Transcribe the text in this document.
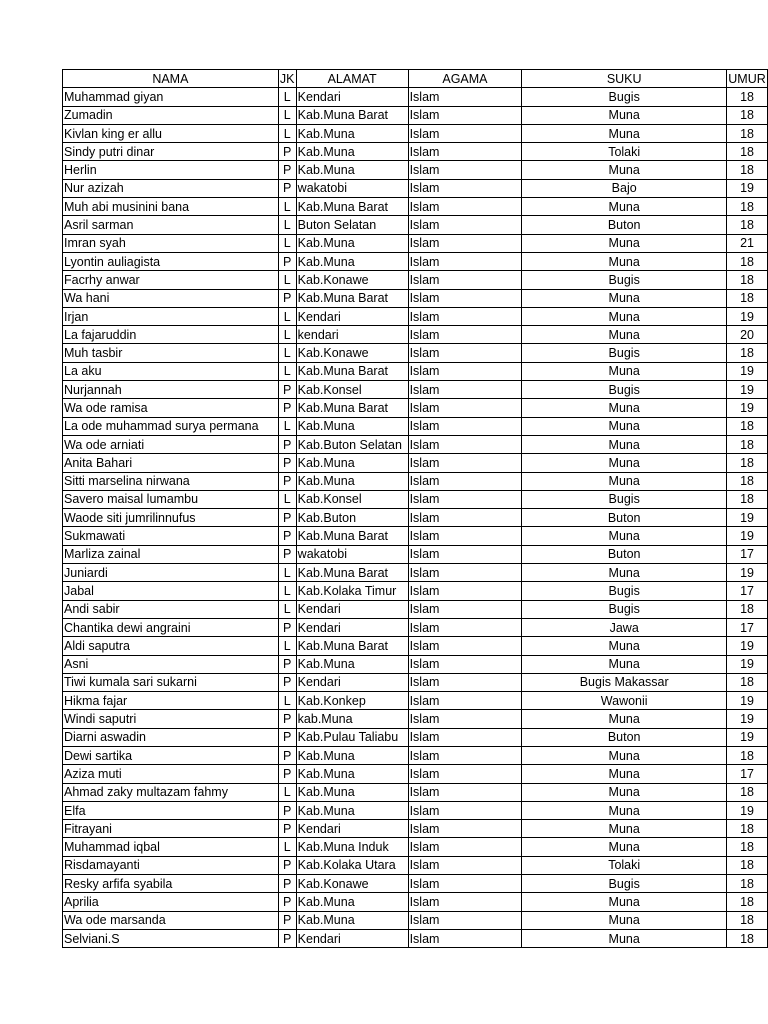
NAMA	JK	ALAMAT	AGAMA	SUKU	UMUR
Muhammad giyan	L	Kendari	Islam	Bugis	18
Zumadin	L	Kab.Muna Barat	Islam	Muna	18
Kivlan king er allu	L	Kab.Muna	Islam	Muna	18
Sindy putri dinar	P	Kab.Muna	Islam	Tolaki	18
Herlin	P	Kab.Muna	Islam	Muna	18
Nur azizah	P	wakatobi	Islam	Bajo	19
Muh abi musinini bana	L	Kab.Muna Barat	Islam	Muna	18
Asril sarman	L	Buton Selatan	Islam	Buton	18
Imran syah	L	Kab.Muna	Islam	Muna	21
Lyontin auliagista	P	Kab.Muna	Islam	Muna	18
Facrhy anwar	L	Kab.Konawe	Islam	Bugis	18
Wa hani	P	Kab.Muna Barat	Islam	Muna	18
Irjan	L	Kendari	Islam	Muna	19
La fajaruddin	L	kendari	Islam	Muna	20
Muh tasbir	L	Kab.Konawe	Islam	Bugis	18
La aku	L	Kab.Muna Barat	Islam	Muna	19
Nurjannah	P	Kab.Konsel	Islam	Bugis	19
Wa ode ramisa	P	Kab.Muna Barat	Islam	Muna	19
La ode muhammad surya permana	L	Kab.Muna	Islam	Muna	18
Wa ode arniati	P	Kab.Buton Selatan	Islam	Muna	18
Anita Bahari	P	Kab.Muna	Islam	Muna	18
Sitti marselina nirwana	P	Kab.Muna	Islam	Muna	18
Savero maisal lumambu	L	Kab.Konsel	Islam	Bugis	18
Waode siti jumrilinnufus	P	Kab.Buton	Islam	Buton	19
Sukmawati	P	Kab.Muna Barat	Islam	Muna	19
Marliza zainal	P	wakatobi	Islam	Buton	17
Juniardi	L	Kab.Muna Barat	Islam	Muna	19
Jabal	L	Kab.Kolaka Timur	Islam	Bugis	17
Andi sabir	L	Kendari	Islam	Bugis	18
Chantika dewi angraini	P	Kendari	Islam	Jawa	17
Aldi saputra	L	Kab.Muna Barat	Islam	Muna	19
Asni	P	Kab.Muna	Islam	Muna	19
Tiwi kumala sari sukarni	P	Kendari	Islam	Bugis Makassar	18
Hikma fajar	L	Kab.Konkep	Islam	Wawonii	19
Windi saputri	P	kab.Muna	Islam	Muna	19
Diarni aswadin	P	Kab.Pulau Taliabu	Islam	Buton	19
Dewi sartika	P	Kab.Muna	Islam	Muna	18
Aziza muti	P	Kab.Muna	Islam	Muna	17
Ahmad zaky multazam fahmy	L	Kab.Muna	Islam	Muna	18
Elfa	P	Kab.Muna	Islam	Muna	19
Fitrayani	P	Kendari	Islam	Muna	18
Muhammad iqbal	L	Kab.Muna Induk	Islam	Muna	18
Risdamayanti	P	Kab.Kolaka Utara	Islam	Tolaki	18
Resky arfifa syabila	P	Kab.Konawe	Islam	Bugis	18
Aprilia	P	Kab.Muna	Islam	Muna	18
Wa ode marsanda	P	Kab.Muna	Islam	Muna	18
Selviani.S	P	Kendari	Islam	Muna	18
